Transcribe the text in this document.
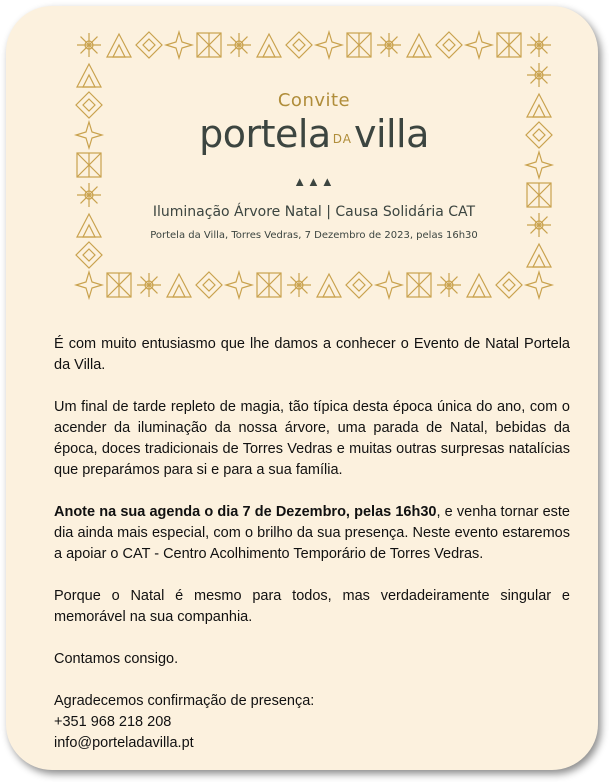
Convite
portela DAvilla
▲▲▲
Iluminação Árvore Natal | Causa Solidária CAT
Portela da Villa, Torres Vedras, 7 Dezembro de 2023, pelas 16h30

É com muito entusiasmo que lhe damos a conhecer o Evento de Natal Portela da Villa.

Um final de tarde repleto de magia, tão típica desta época única do ano, com o acender da iluminação da nossa árvore, uma parada de Natal, bebidas da época, doces tradicionais de Torres Vedras e muitas outras surpresas natalícias que preparámos para si e para a sua família.

Anote na sua agenda o dia 7 de Dezembro, pelas 16h30, e venha tornar este dia ainda mais especial, com o brilho da sua presença. Neste evento estaremos a apoiar o CAT - Centro Acolhimento Temporário de Torres Vedras.

Porque o Natal é mesmo para todos, mas verdadeiramente singular e memorável na sua companhia.

Contamos consigo.

Agradecemos confirmação de presença:
+351 968 218 208
info@porteladavilla.pt
